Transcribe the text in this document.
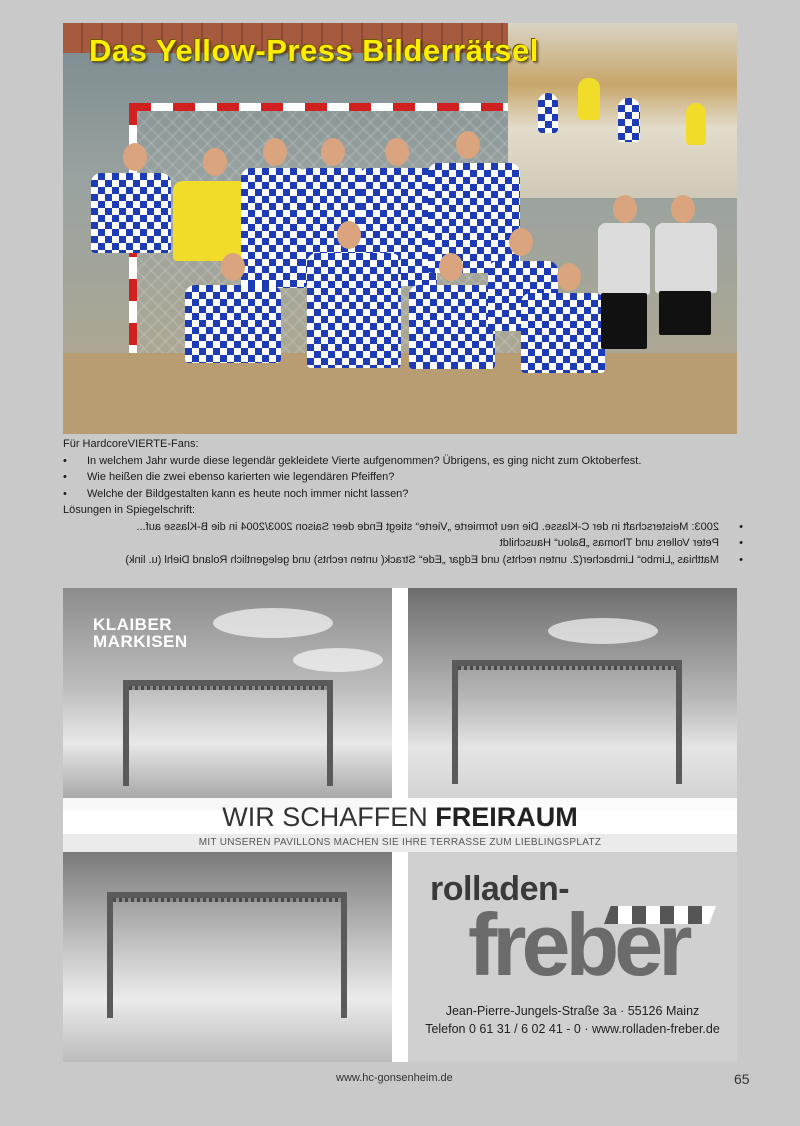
Das Yellow-Press Bilderrätsel

Für HardcoreVIERTE-Fans:

• In welchem Jahr wurde diese legendär gekleidete Vierte aufgenommen? Übrigens, es ging nicht zum Oktoberfest.
• Wie heißen die zwei ebenso karierten wie legendären Pfeiffen?
• Welche der Bildgestalten kann es heute noch immer nicht lassen?

Lösungen in Spiegelschrift:

• 2003: Meisterschaft in der C-Klasse. Die neu formierte „Vierte“ stiegt Ende deer Saison 2003/2004 in die B-Klasse auf...
• Peter Vollers und Thomas „Balou“ Hauschildt
• Matthias „Limbo“ Limbacher(2. unten rechts) und Edgar „Ede“ Strack( unten rechts) und gelegentlich Roland Diehl (u. link)
KLAIBER
MARKISEN
WIR SCHAFFEN FREIRAUM
MIT UNSEREN PAVILLONS MACHEN SIE IHRE TERRASSE ZUM LIEBLINGSPLATZ
rolladen-
freber
Jean-Pierre-Jungels-Straße 3a · 55126 Mainz
Telefon 0 61 31 / 6 02 41 - 0 · www.rolladen-freber.de
www.hc-gonsenheim.de	65
